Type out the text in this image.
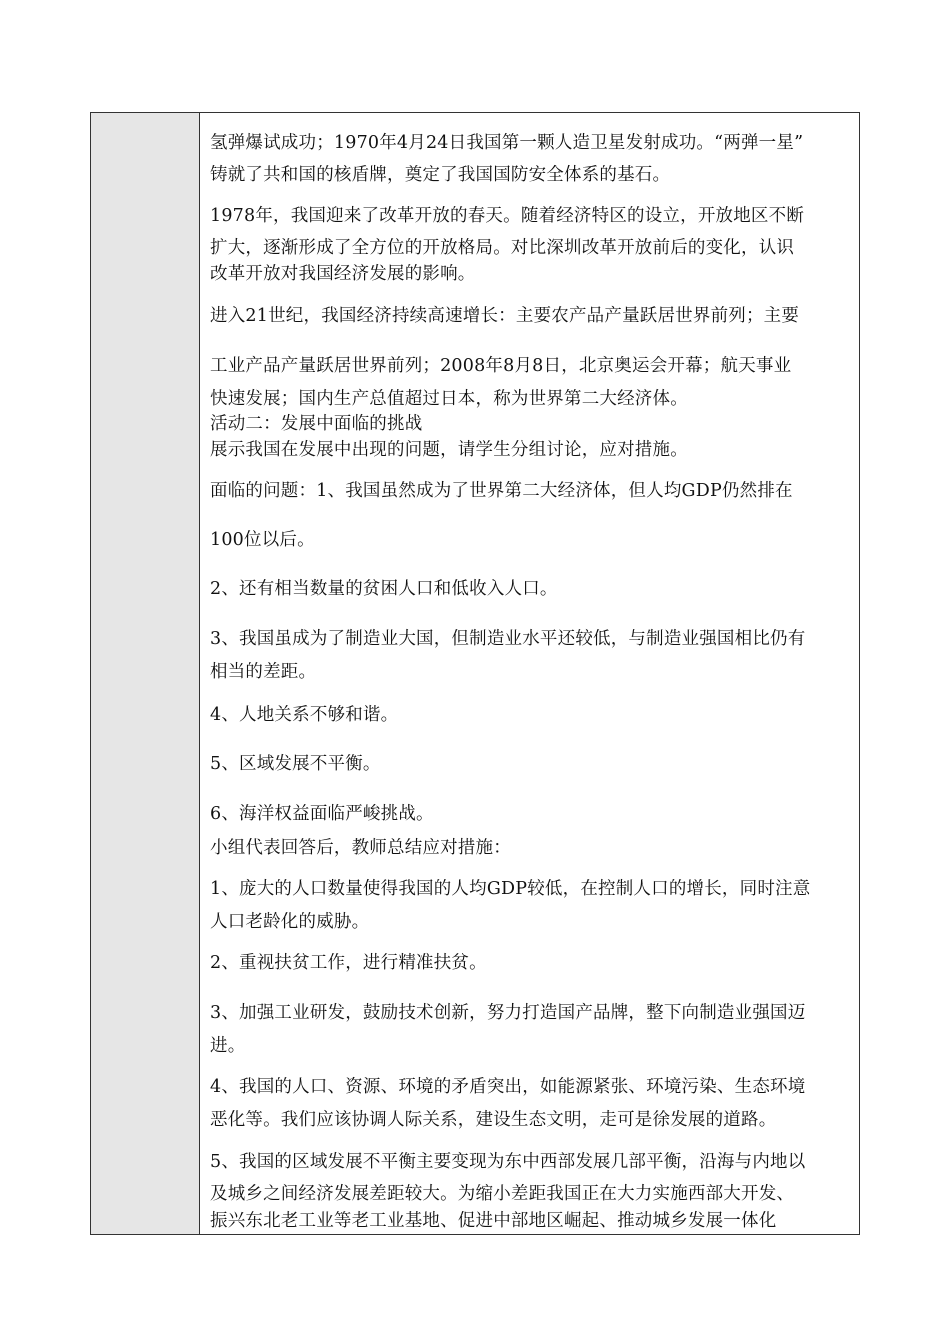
氢弹爆试成功；1970年4月24日我国第一颗人造卫星发射成功。“两弹一星”
铸就了共和国的核盾牌，奠定了我国国防安全体系的基石。
1978年，我国迎来了改革开放的春天。随着经济特区的设立，开放地区不断
扩大，逐渐形成了全方位的开放格局。对比深圳改革开放前后的变化，认识
改革开放对我国经济发展的影响。
进入21世纪，我国经济持续高速增长：主要农产品产量跃居世界前列；主要
工业产品产量跃居世界前列；2008年8月8日，北京奥运会开幕；航天事业
快速发展；国内生产总值超过日本，称为世界第二大经济体。
活动二：发展中面临的挑战
展示我国在发展中出现的问题，请学生分组讨论，应对措施。
面临的问题：1、我国虽然成为了世界第二大经济体，但人均GDP仍然排在
100位以后。
2、还有相当数量的贫困人口和低收入人口。
3、我国虽成为了制造业大国，但制造业水平还较低，与制造业强国相比仍有
相当的差距。
4、人地关系不够和谐。
5、区域发展不平衡。
6、海洋权益面临严峻挑战。
小组代表回答后，教师总结应对措施：
1、庞大的人口数量使得我国的人均GDP较低，在控制人口的增长，同时注意
人口老龄化的威胁。
2、重视扶贫工作，进行精准扶贫。
3、加强工业研发，鼓励技术创新，努力打造国产品牌，整下向制造业强国迈
进。
4、我国的人口、资源、环境的矛盾突出，如能源紧张、环境污染、生态环境
恶化等。我们应该协调人际关系，建设生态文明，走可是徐发展的道路。
5、我国的区域发展不平衡主要变现为东中西部发展几部平衡，沿海与内地以
及城乡之间经济发展差距较大。为缩小差距我国正在大力实施西部大开发、
振兴东北老工业等老工业基地、促进中部地区崛起、推动城乡发展一体化
